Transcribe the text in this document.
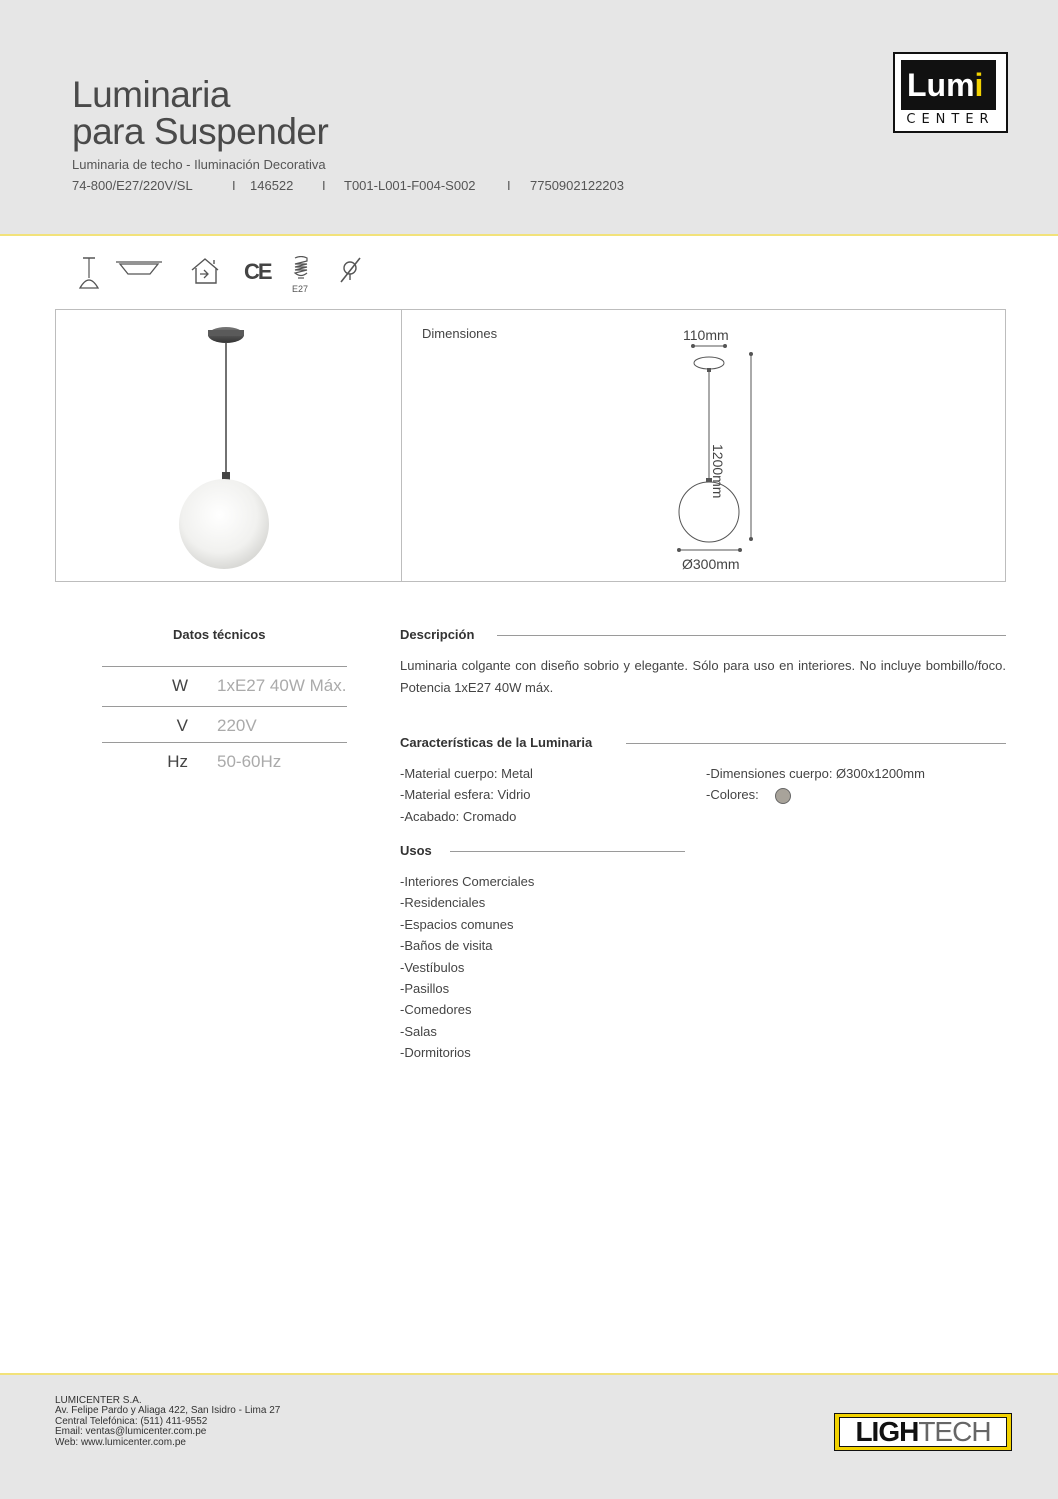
Luminaria
para Suspender
Luminaria de techo - Iluminación Decorativa
74-800/E27/220V/SL	I 146522 I T001-L001-F004-S002 I 7750902122203
Lumi
CENTER
CE
E27
Dimensiones	110mm
1200mm
Ø300mm
Datos técnicos
W 1xE27 40W Máx.
V 220V
Hz 50-60Hz
Descripción
Luminaria colgante con diseño sobrio y elegante. Sólo para uso en interiores. No incluye bombillo/foco. Potencia 1xE27 40W máx.
Características de la Luminaria
-Material cuerpo: Metal
-Material esfera: Vidrio
-Acabado: Cromado
-Dimensiones cuerpo: Ø300x1200mm
-Colores:
Usos
-Interiores Comerciales
-Residenciales
-Espacios comunes
-Baños de visita
-Vestíbulos
-Pasillos
-Comedores
-Salas
-Dormitorios
LUMICENTER S.A.
Av. Felipe Pardo y Aliaga 422, San Isidro - Lima 27
Central Telefónica: (511) 411-9552
Email: ventas@lumicenter.com.pe
Web: www.lumicenter.com.pe	LIGHTECH
